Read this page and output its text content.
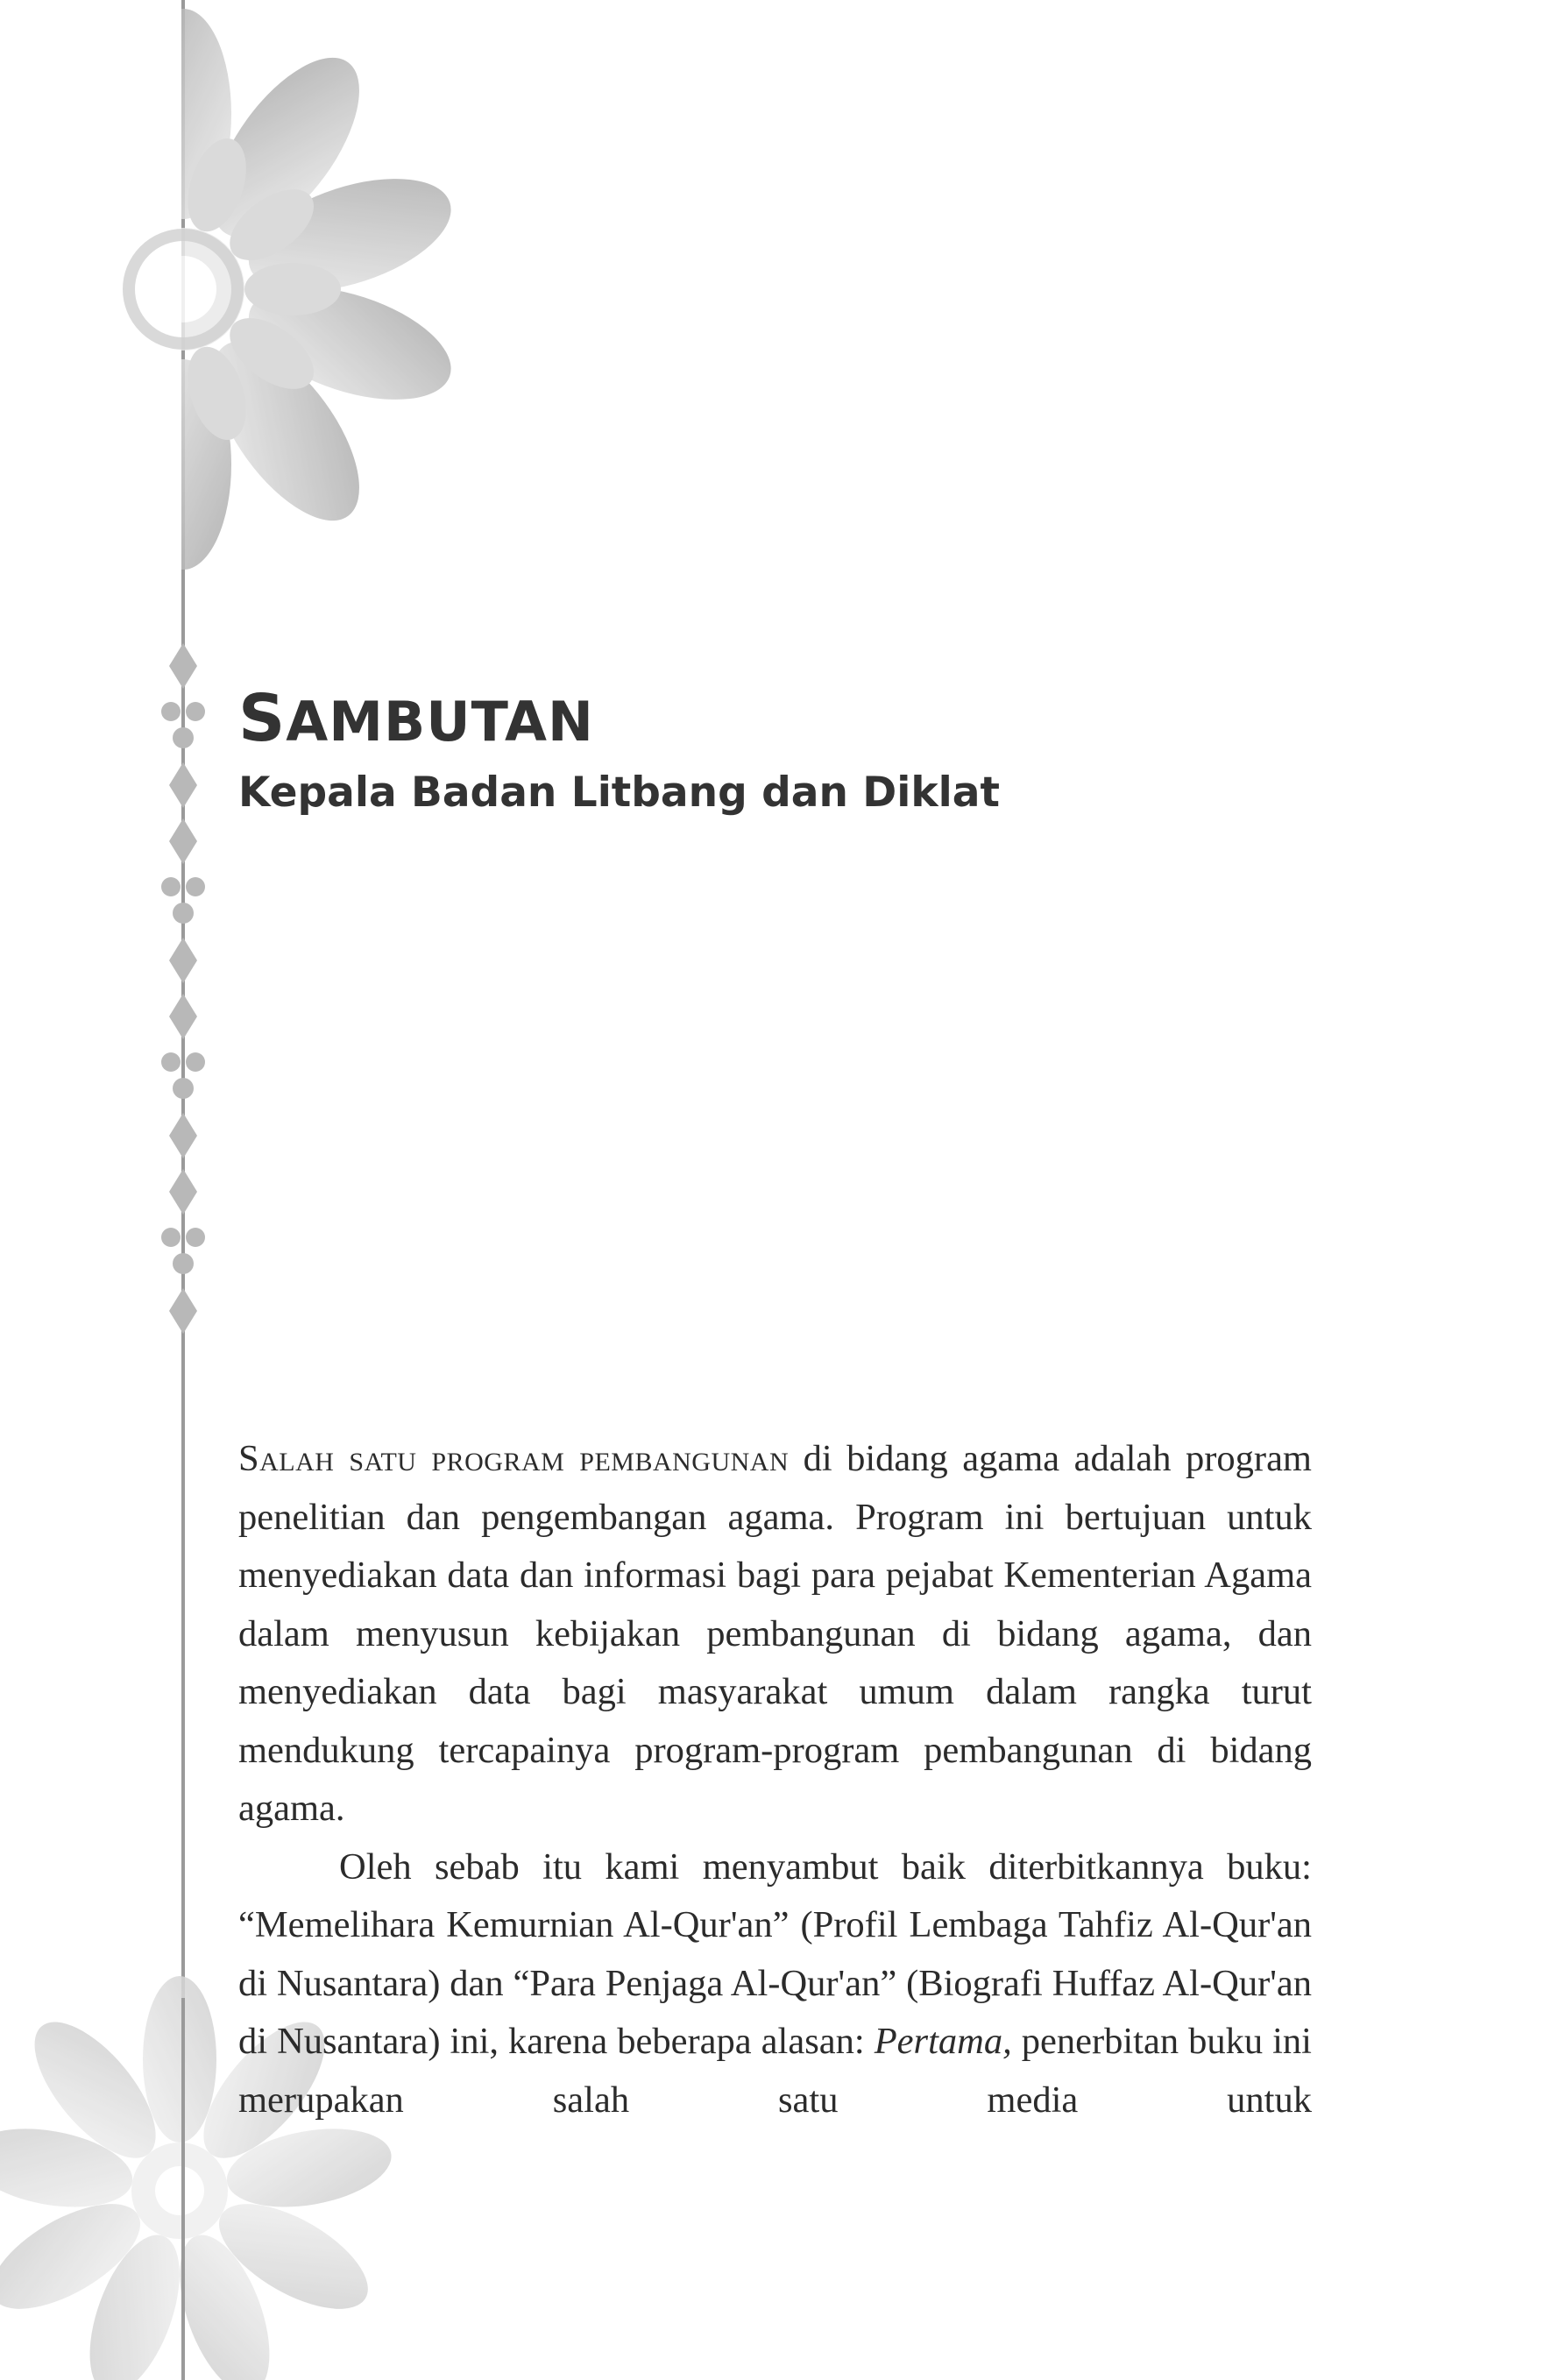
SAMBUTAN
Kepala Badan Litbang dan Diklat

Salah satu program pembangunan di bidang agama adalah program penelitian dan pengembangan agama. Program ini bertujuan untuk menyediakan data dan informasi bagi para pejabat Kementerian Agama dalam menyusun kebijakan pembangunan di bidang agama, dan menyediakan data bagi masyarakat umum dalam rangka turut mendukung tercapainya program-program pembangunan di bidang agama.

Oleh sebab itu kami menyambut baik diterbitkannya buku: “Memelihara Kemurnian Al-Qur'an” (Profil Lembaga Tahfiz Al-Qur'an di Nusantara) dan “Para Penjaga Al-Qur'an” (Biografi Huffaz Al-Qur'an di Nusantara) ini, karena beberapa alasan: Pertama, penerbitan buku ini merupakan salah satu media untuk
